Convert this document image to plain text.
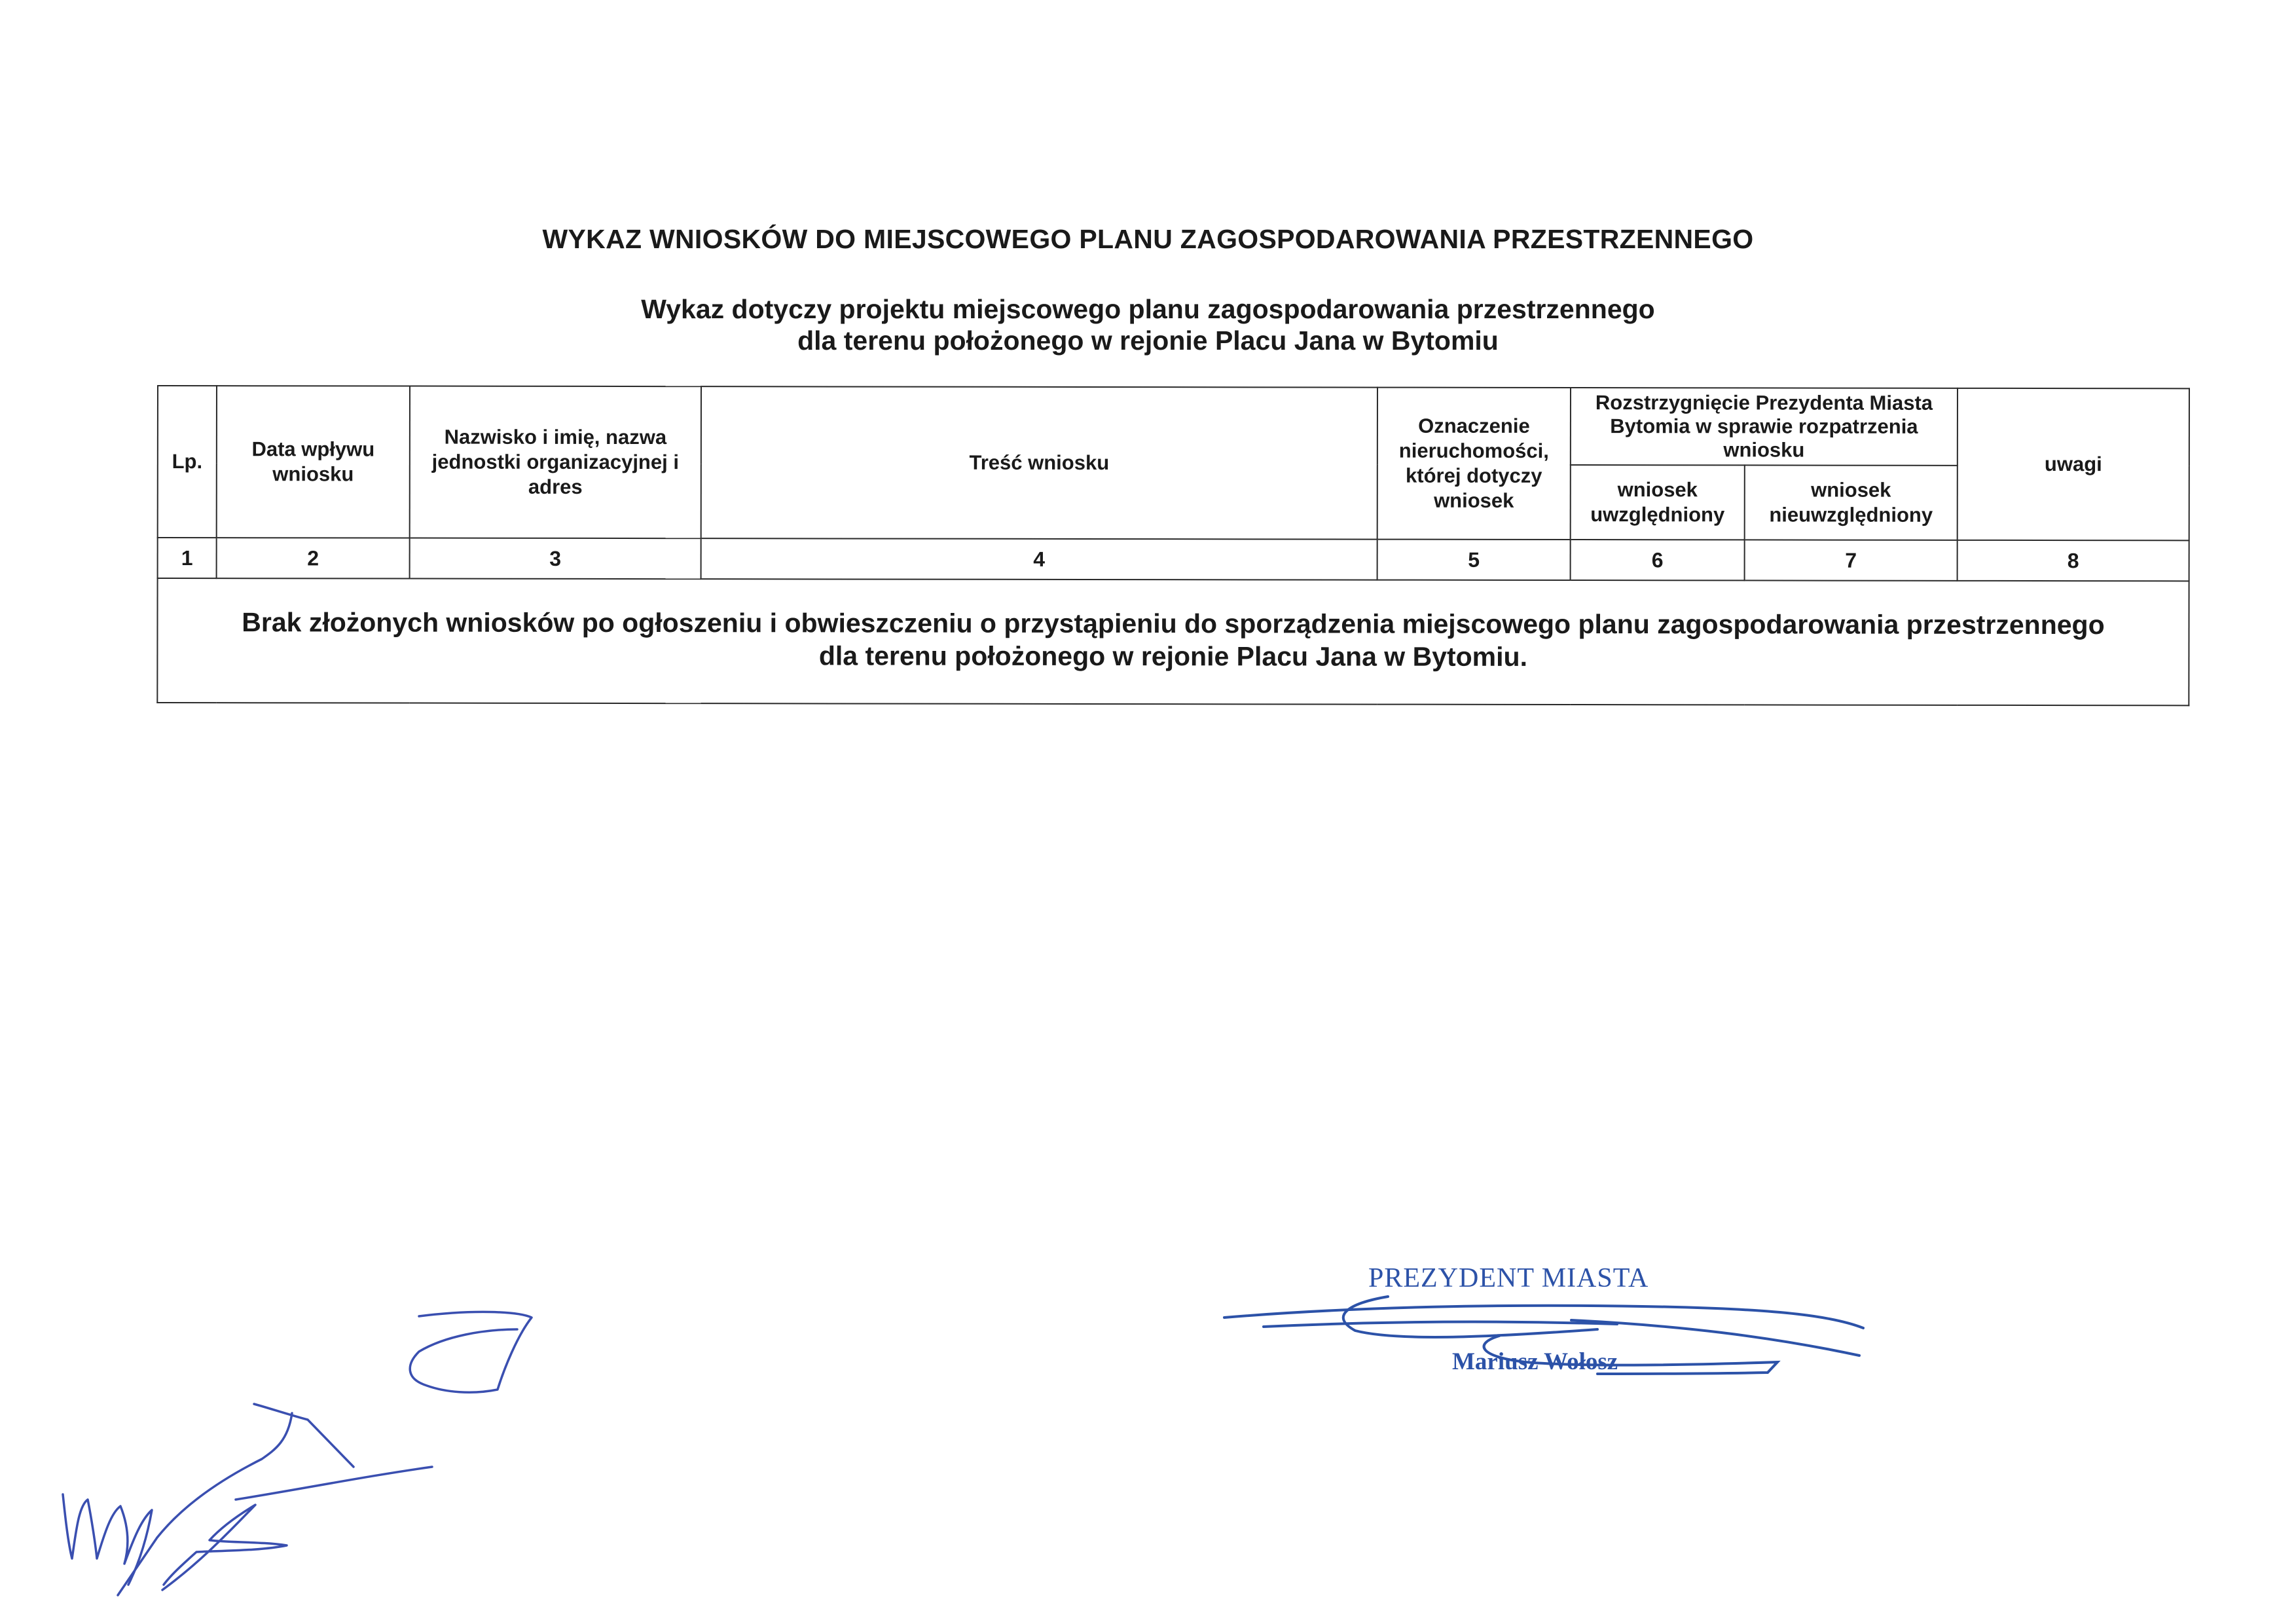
WYKAZ WNIOSKÓW DO MIEJSCOWEGO PLANU ZAGOSPODAROWANIA PRZESTRZENNEGO
Wykaz dotyczy projektu miejscowego planu zagospodarowania przestrzennego
dla terenu położonego w rejonie Placu Jana w Bytomiu
Lp.	Data wpływu wniosku	Nazwisko i imię, nazwa jednostki organizacyjnej i adres	Treść wniosku	Oznaczenie nieruchomości, której dotyczy wniosek	Rozstrzygnięcie Prezydenta Miasta Bytomia w sprawie rozpatrzenia wniosku		uwagi
					wniosek uwzględniony	wniosek nieuwzględniony	
1	2	3	4	5	6	7	8

Brak złożonych wniosków po ogłoszeniu i obwieszczeniu o przystąpieniu do sporządzenia miejscowego planu zagospodarowania przestrzennego
dla terenu położonego w rejonie Placu Jana w Bytomiu.							
PREZYDENT MIASTA
Mariusz Wołosz
